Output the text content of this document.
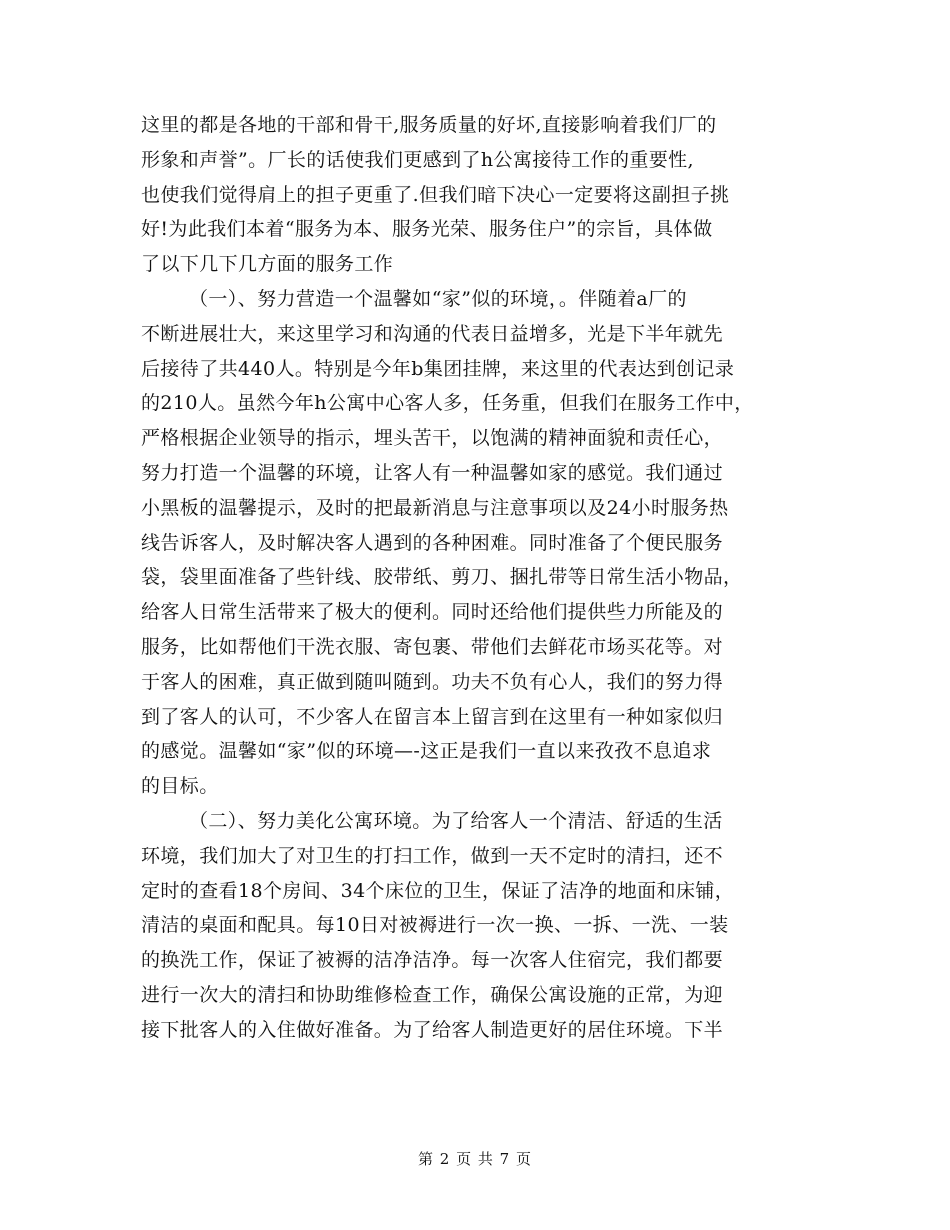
这里的都是各地的干部和骨干,服务质量的好坏,直接影响着我们厂的
形象和声誉”。厂长的话使我们更感到了h公寓接待工作的重要性,
也使我们觉得肩上的担子更重了.但我们暗下决心一定要将这副担子挑
好!为此我们本着“服务为本、服务光荣、服务住户”的宗旨，具体做
了以下几下几方面的服务工作
（一）、努力营造一个温馨如“家”似的环境，。伴随着a厂的
不断进展壮大，来这里学习和沟通的代表日益增多，光是下半年就先
后接待了共440人。特别是今年b集团挂牌，来这里的代表达到创记录
的210人。虽然今年h公寓中心客人多，任务重，但我们在服务工作中，
严格根据企业领导的指示，埋头苦干，以饱满的精神面貌和责任心，
努力打造一个温馨的环境，让客人有一种温馨如家的感觉。我们通过
小黑板的温馨提示，及时的把最新消息与注意事项以及24小时服务热
线告诉客人，及时解决客人遇到的各种困难。同时准备了个便民服务
袋，袋里面准备了些针线、胶带纸、剪刀、捆扎带等日常生活小物品，
给客人日常生活带来了极大的便利。同时还给他们提供些力所能及的
服务，比如帮他们干洗衣服、寄包裹、带他们去鲜花市场买花等。对
于客人的困难，真正做到随叫随到。功夫不负有心人，我们的努力得
到了客人的认可，不少客人在留言本上留言到在这里有一种如家似归
的感觉。温馨如“家”似的环境—-这正是我们一直以来孜孜不息追求
的目标。
（二）、努力美化公寓环境。为了给客人一个清洁、舒适的生活
环境，我们加大了对卫生的打扫工作，做到一天不定时的清扫，还不
定时的查看18个房间、34个床位的卫生，保证了洁净的地面和床铺，
清洁的桌面和配具。每10日对被褥进行一次一换、一拆、一洗、一装
的换洗工作，保证了被褥的洁净洁净。每一次客人住宿完，我们都要
进行一次大的清扫和协助维修检查工作，确保公寓设施的正常，为迎
接下批客人的入住做好准备。为了给客人制造更好的居住环境。下半
第 2 页 共 7 页
